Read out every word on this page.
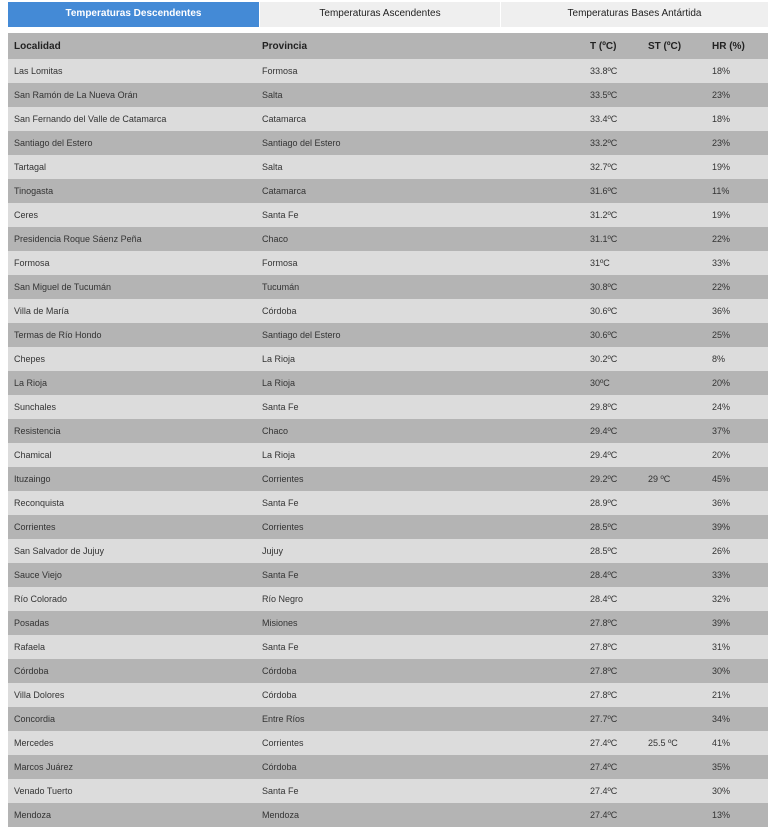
Temperaturas Descendentes	Temperaturas Ascendentes	Temperaturas Bases Antártida
Localidad	Provincia	T (ºC)	ST (ºC)	HR (%)
Las Lomitas	Formosa	33.8ºC		18%
San Ramón de La Nueva Orán	Salta	33.5ºC		23%
San Fernando del Valle de Catamarca	Catamarca	33.4ºC		18%
Santiago del Estero	Santiago del Estero	33.2ºC		23%
Tartagal	Salta	32.7ºC		19%
Tinogasta	Catamarca	31.6ºC		11%
Ceres	Santa Fe	31.2ºC		19%
Presidencia Roque Sáenz Peña	Chaco	31.1ºC		22%
Formosa	Formosa	31ºC		33%
San Miguel de Tucumán	Tucumán	30.8ºC		22%
Villa de María	Córdoba	30.6ºC		36%
Termas de Río Hondo	Santiago del Estero	30.6ºC		25%
Chepes	La Rioja	30.2ºC		8%
La Rioja	La Rioja	30ºC		20%
Sunchales	Santa Fe	29.8ºC		24%
Resistencia	Chaco	29.4ºC		37%
Chamical	La Rioja	29.4ºC		20%
Ituzaingo	Corrientes	29.2ºC	29 ºC	45%
Reconquista	Santa Fe	28.9ºC		36%
Corrientes	Corrientes	28.5ºC		39%
San Salvador de Jujuy	Jujuy	28.5ºC		26%
Sauce Viejo	Santa Fe	28.4ºC		33%
Río Colorado	Río Negro	28.4ºC		32%
Posadas	Misiones	27.8ºC		39%
Rafaela	Santa Fe	27.8ºC		31%
Córdoba	Córdoba	27.8ºC		30%
Villa Dolores	Córdoba	27.8ºC		21%
Concordia	Entre Ríos	27.7ºC		34%
Mercedes	Corrientes	27.4ºC	25.5 ºC	41%
Marcos Juárez	Córdoba	27.4ºC		35%
Venado Tuerto	Santa Fe	27.4ºC		30%
Mendoza	Mendoza	27.4ºC		13%
